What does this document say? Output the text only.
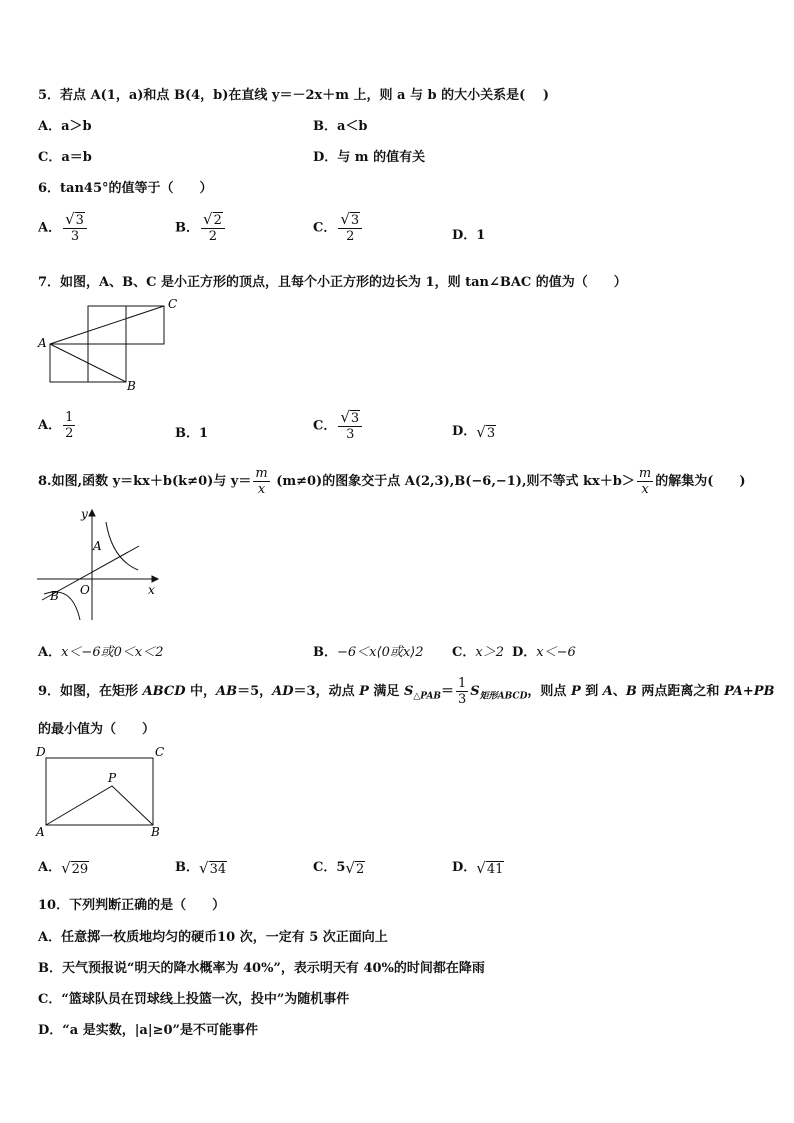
5．若点 A(1，a)和点 B(4，b)在直线 y＝－2x＋m 上，则 a 与 b 的大小关系是(　 )
A．a＞b	B．a＜b
C．a＝b	D．与 m 的值有关
6．tan45°的值等于（　　）
A． $\frac{√3}{3}$	B． $\frac{√2}{2}$	C． $\frac{√3}{2}$	D．1
7．如图，A、B、C 是小正方形的顶点，且每个小正方形的边长为 1，则 tan∠BAC 的值为（　　）
A
B
C
A． $\frac{1}{2}$	B．1	C． $\frac{√3}{3}$	D．√3
8.如图,函数 y＝kx＋b(k≠0)与 $y= \frac{m}{x} (m\ne 0)$的图象交于点 A(2,3),B(−6,−1),则不等式 $kx+b> \frac{m}{x}$ 的解集为(　　)
y
x
O
A
B
A．x＜−6或0＜x＜2	B．−6＜x⟨0或x⟩2 C．x＞2 D．x＜−6
9．如图，在矩形 ABCD 中，AB＝5，AD＝3，动点 P 满足 $S_{\triangle PAB}= \frac{1}{3} S_{矩形ABCD}$，则点 P 到 A、B 两点距离之和 PA+PB
的最小值为（　　）
D	C
P
A	B
A．√29	B．√34	C．5√2	D．√41
10．下列判断正确的是（　　）
A．任意掷一枚质地均匀的硬币10 次，一定有 5 次正面向上
B．天气预报说“明天的降水概率为 40%”，表示明天有 40%的时间都在降雨
C．“篮球队员在罚球线上投篮一次，投中”为随机事件
D．“a 是实数，|a|≥0”是不可能事件
